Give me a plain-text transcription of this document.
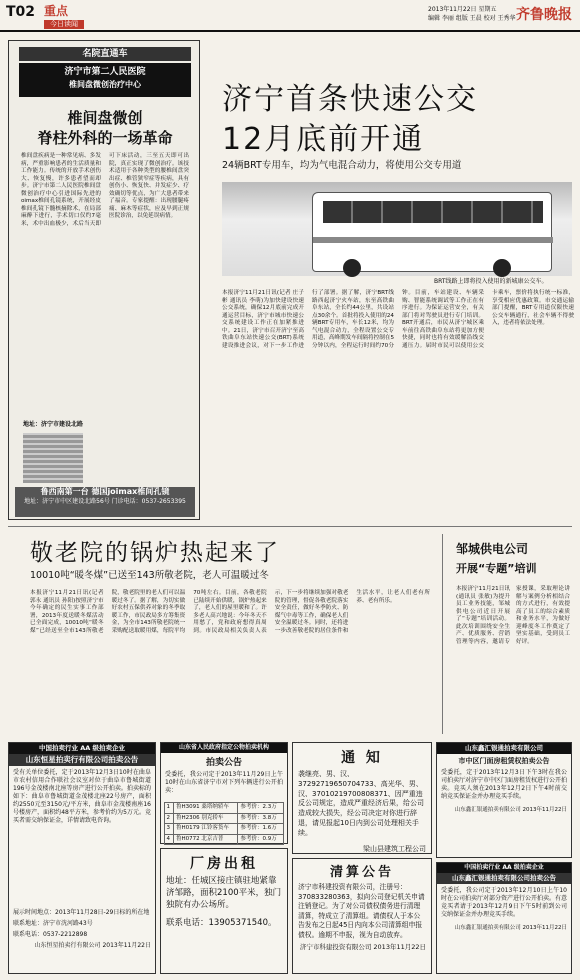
T02 重点
今日读闻
2013年11月22日 星期五
编辑 李丽 组版 王晨 校对 王秀华 齐鲁晚报
名院直通车
济宁市第二人民医院
椎间盘微创治疗中心
椎间盘微创
脊柱外科的一场革命
椎间盘疾病是一种常见病、多发病，严重影响患者的生活质量和工作能力。传统的开放手术创伤大、恢复慢，许多患者望而却步。济宁市第二人民医院椎间盘微创治疗中心引进国际先进的oimax椎间孔镜系统，开展经皮椎间孔镜下髓核摘除术，在局部麻醉下进行，手术切口仅约7毫米，术中出血极少，术后当天即可下床活动，三至五天即可出院，真正实现了微创治疗。该技术适用于各种类型的腰椎间盘突出症、椎管狭窄症等疾病，具有创伤小、恢复快、并发症少、疗效确切等优点，为广大患者带来了福音。专家提醒：出现腰腿疼痛、麻木等症状，应及早到正规医院诊治，以免延误病情。
地址：济宁市建设北路
鲁西南第一台 德国joimax椎间孔镜
地址：济宁市中区建设北路56号 门诊电话：0537-2653395
济宁首条快速公交
12月底前开通
24辆BRT专用车，均为气电混合动力，将使用公交专用道
BRT线路上即将投入使用的新城康公交车。
本报济宁11月21日讯(记者 庄子彬 通讯员 李萌)为加快建设快速公交系统，确保12月底前完成开通运营目标，济宁市城市快速公交系统建设工作正在加紧推进中。21日，济宁市召开济宁至高铁曲阜东站快速公交(BRT)系统建设推进会议，对下一步工作进行了部署。据了解，济宁BRT线路西起济宁火车站，东至高铁曲阜东站，全长约44公里，共设站点30余个。首批将投入使用的24辆BRT专用车，车长12米，均为气电混合动力，全程设置公交专用道，高峰期发车间隔将控制在5分钟以内，全程运行时间约70分钟。目前，车站建设、车辆采购、智能系统调试等工作正在有序进行。为保证运营安全，有关部门将对驾驶员进行专门培训。BRT开通后，市民从济宁城区乘车前往高铁曲阜东站将更加方便快捷，同时也将有效缓解沿线交通压力。届时市民可以使用公交卡乘车，票价将执行统一标准，享受相应优惠政策。市交通运输部门提醒，BRT专用道仅限快速公交车辆通行，社会车辆不得驶入，违者将依法处理。
敬老院的锅炉热起来了
10010吨“暖冬煤”已送至143所敬老院，老人可温暖过冬
本报济宁11月21日讯(记者 郭永 通讯员 孙阳)按照济宁市今年确定的民生实事工作部署，2013年度送暖冬煤活动已全面完成，10010吨“暖冬煤”已经送至全市143所敬老院，敬老院里的老人们可以温暖过冬了。据了解，为切实做好农村五保供养对象的冬季取暖工作，市民政局多方筹集资金，为全市143所敬老院统一采购配送取暖用煤，每院平均70吨左右。目前，各敬老院已陆续开始供暖，锅炉热起来了，老人们的屋里暖和了。许多老人高兴地说：今年冬天不用愁了，党和政府想得真周到。市民政局相关负责人表示，下一步将继续加强对敬老院的管理，督促各敬老院落实安全责任，做好冬季防火、防煤气中毒等工作，确保老人们安全温暖过冬。同时，还将进一步改善敬老院的居住条件和生活水平，让老人们老有所养、老有所乐。
邹城供电公司
开展“专题”培训
本报济宁11月21日讯(通讯员 张敏)为提升员工业务技能，邹城供电公司近日开展了“专题”培训活动。此次培训围绕安全生产、优质服务、营销管理等内容，邀请专家授课，采取理论讲解与案例分析相结合的方式进行，有效提高了员工的综合素质和业务水平，为做好迎峰度冬工作奠定了坚实基础，受到员工好评。
中国拍卖行业 AA 级拍卖企业
山东恒星拍卖行有限公司拍卖公告
受有关单位委托，定于2013年12月3日10时在曲阜市农村信用合作联社会议室对位于曲阜市鲁城街道196号金茂楼南北座等房产进行公开拍卖。拍卖标的如下：曲阜市鲁城街道金茂楼北座22号房产，面积约2550元至3150元/平方米，曲阜市金茂楼南座16号楼房产，面积约48平方米，参考价约为5万元。竞买者需交纳保证金，详情请致电咨询。
展示时间地点：2013年11月28日-29日标的所在地
联系地址：济宁市洸河路43号
联系电话：0537-2212898
山东恒星拍卖行有限公司 2013年11月22日
山东省人民政府指定公物拍卖机构
拍卖公告
受委托，我公司定于2013年11月29日上午10时在山东省济宁市对下列车辆进行公开拍卖：
1	鲁H3091 桑塔纳轿车	参考价：2.3万
2	鲁H2306 别克轿车	参考价：3.8万
3	鲁H0179 江铃客货车	参考价：1.6万
4	鲁H0772 北京吉普	参考价：0.9万
厂房出租
地址：任城区接庄镇驻地紧靠济邹路，面积2100平米，独门独院有办公场所。
联系电话：13905371540。
通 知
袭继亮、男、汉、37292719650704733、高光华、男、汉、37010219700808371、因严重违反公司规定，造成严重经济后果，给公司造成较大损失，经公司决定对你进行辞退，请见报起10日内到公司处理相关手续。
梁山县建筑工程公司
清算公告
济宁市科建投资有限公司，注册号：370833280363，拟向公司登记机关申请注销登记。为了对公司债权债务进行清理清算，特成立了清算组。请债权人于本公告发布之日起45日内向本公司清算组申报债权。逾期不申报，视为自动放弃。
济宁市科建投资有限公司 2013年11月22日
山东鑫汇银通拍卖有限公司
市中区门面房租赁权拍卖公告
受委托，定于2013年12月3日下午3时在我公司拍卖厅对济宁市中区门面房租赁权进行公开拍卖。竞买人须在2013年12月2日下午4时前交纳竞买保证金并办理竞买手续。
山东鑫汇银通拍卖有限公司 2013年11月22日
中国拍卖行业 AA 级拍卖企业
山东鑫汇银通拍卖有限公司拍卖公告
受委托，我公司定于2013年12月10日上午10时在公司拍卖厅对部分资产进行公开拍卖。有意竞买者请于2013年12月9日下午5时前到公司交纳保证金并办理竞买手续。
山东鑫汇银通拍卖有限公司 2013年11月22日
